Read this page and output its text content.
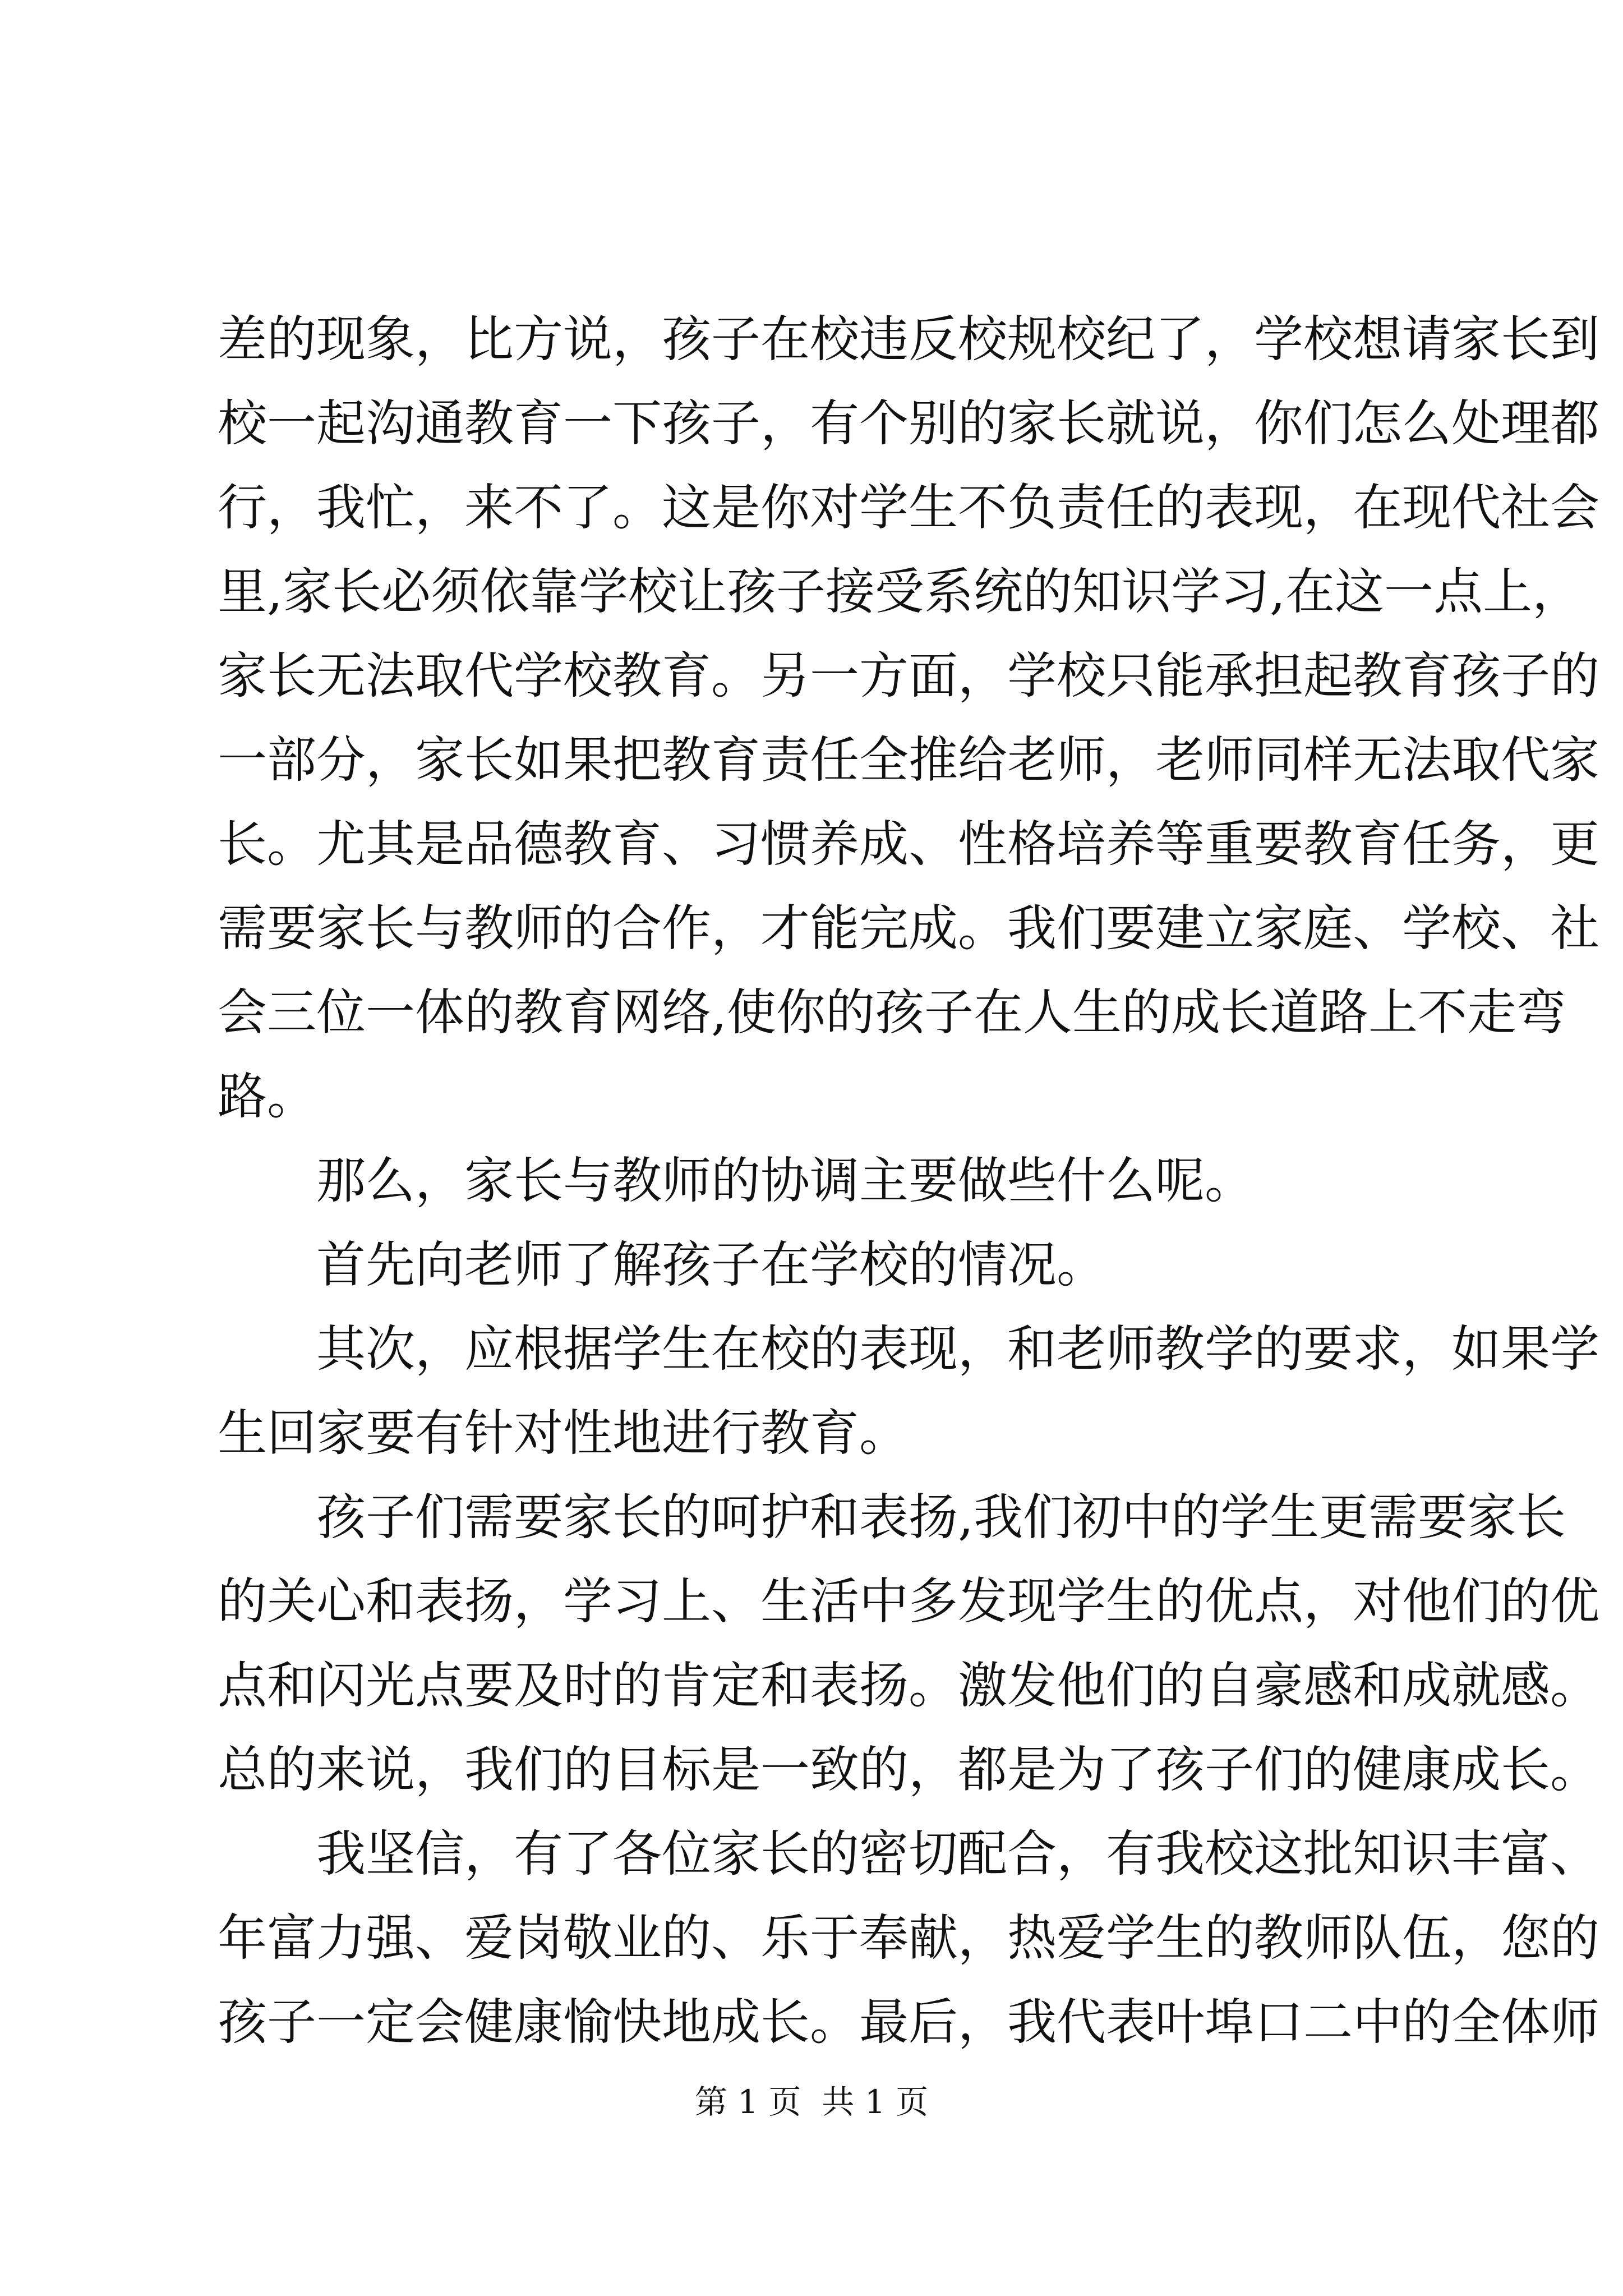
差的现象，比方说，孩子在校违反校规校纪了，学校想请家长到
校一起沟通教育一下孩子，有个别的家长就说，你们怎么处理都
行，我忙，来不了。这是你对学生不负责任的表现，在现代社会
里,家长必须依靠学校让孩子接受系统的知识学习,在这一点上，
家长无法取代学校教育。另一方面，学校只能承担起教育孩子的
一部分，家长如果把教育责任全推给老师，老师同样无法取代家
长。尤其是品德教育、习惯养成、性格培养等重要教育任务，更
需要家长与教师的合作，才能完成。我们要建立家庭、学校、社
会三位一体的教育网络,使你的孩子在人生的成长道路上不走弯
路。
那么，家长与教师的协调主要做些什么呢。
首先向老师了解孩子在学校的情况。
其次，应根据学生在校的表现，和老师教学的要求，如果学
生回家要有针对性地进行教育。
孩子们需要家长的呵护和表扬,我们初中的学生更需要家长
的关心和表扬，学习上、生活中多发现学生的优点，对他们的优
点和闪光点要及时的肯定和表扬。激发他们的自豪感和成就感。
总的来说，我们的目标是一致的，都是为了孩子们的健康成长。
我坚信，有了各位家长的密切配合，有我校这批知识丰富、
年富力强、爱岗敬业的、乐于奉献，热爱学生的教师队伍，您的
孩子一定会健康愉快地成长。最后，我代表叶埠口二中的全体师
第 1 页  共 1 页
